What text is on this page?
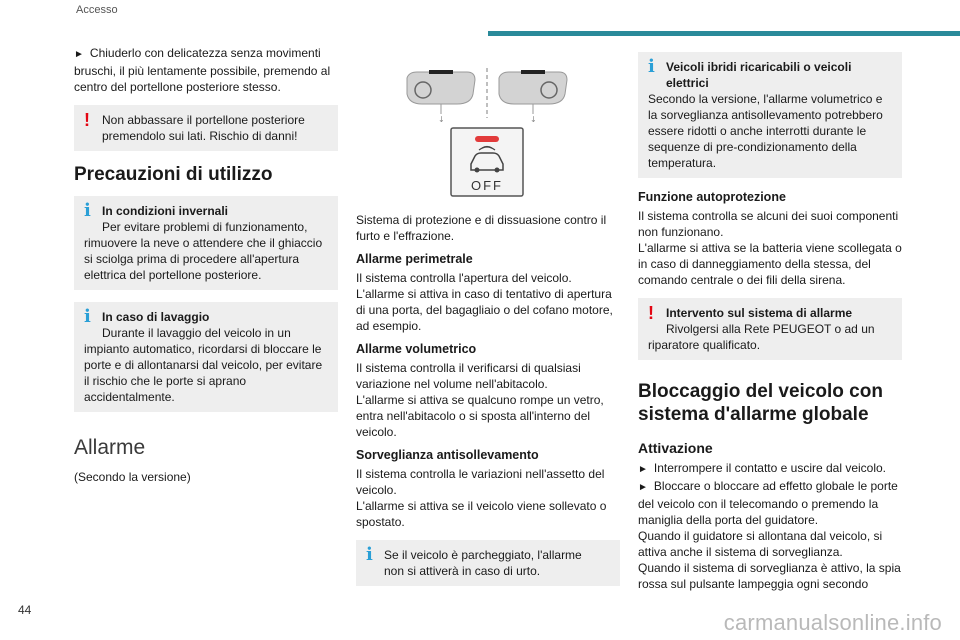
Accesso

► Chiuderlo con delicatezza senza movimenti bruschi, il più lentamente possibile, premendo al centro del portellone posteriore stesso.

!	Non abbassare il portellone posteriore premendolo sui lati. Rischio di danni!
Precauzioni di utilizzo
i In condizioni invernali
Per evitare problemi di funzionamento,
rimuovere la neve o attendere che il ghiaccio si sciolga prima di procedere all'apertura elettrica del portellone posteriore.
i In caso di lavaggio
Durante il lavaggio del veicolo in un
impianto automatico, ricordarsi di bloccare le porte e di allontanarsi dal veicolo, per evitare il rischio che le porte si aprano accidentalmente.
Allarme

(Secondo la versione)

↓	↓
OFF

Sistema di protezione e di dissuasione contro il furto e l'effrazione.

Allarme perimetrale

Il sistema controlla l'apertura del veicolo. L'allarme si attiva in caso di tentativo di apertura di una porta, del bagagliaio o del cofano motore, ad esempio.

Allarme volumetrico

Il sistema controlla il verificarsi di qualsiasi variazione nel volume nell'abitacolo.

L'allarme si attiva se qualcuno rompe un vetro, entra nell'abitacolo o si sposta all'interno del veicolo.

Sorveglianza antisollevamento

Il sistema controlla le variazioni nell'assetto del veicolo.

L'allarme si attiva se il veicolo viene sollevato o spostato.

i Se il veicolo è parcheggiato, l'allarme
non si attiverà in caso di urto.
i Veicoli ibridi ricaricabili o veicoli elettrici
Secondo la versione, l'allarme volumetrico e la sorveglianza antisollevamento potrebbero essere ridotti o anche interrotti durante le sequenze di pre-condizionamento della temperatura.
Funzione autoprotezione

Il sistema controlla se alcuni dei suoi componenti non funzionano.

L'allarme si attiva se la batteria viene scollegata o in caso di danneggiamento della stessa, del comando centrale o dei fili della sirena.

!	Intervento sul sistema di allarme
Rivolgersi alla Rete PEUGEOT o ad un
riparatore qualificato.
Bloccaggio del veicolo con sistema d'allarme globale
Attivazione

► Interrompere il contatto e uscire dal veicolo.

► Bloccare o bloccare ad effetto globale le porte del veicolo con il telecomando o premendo la maniglia della porta del guidatore.

Quando il guidatore si allontana dal veicolo, si attiva anche il sistema di sorveglianza.

Quando il sistema di sorveglianza è attivo, la spia rossa sul pulsante lampeggia ogni secondo

44	carmanualsonline.info
